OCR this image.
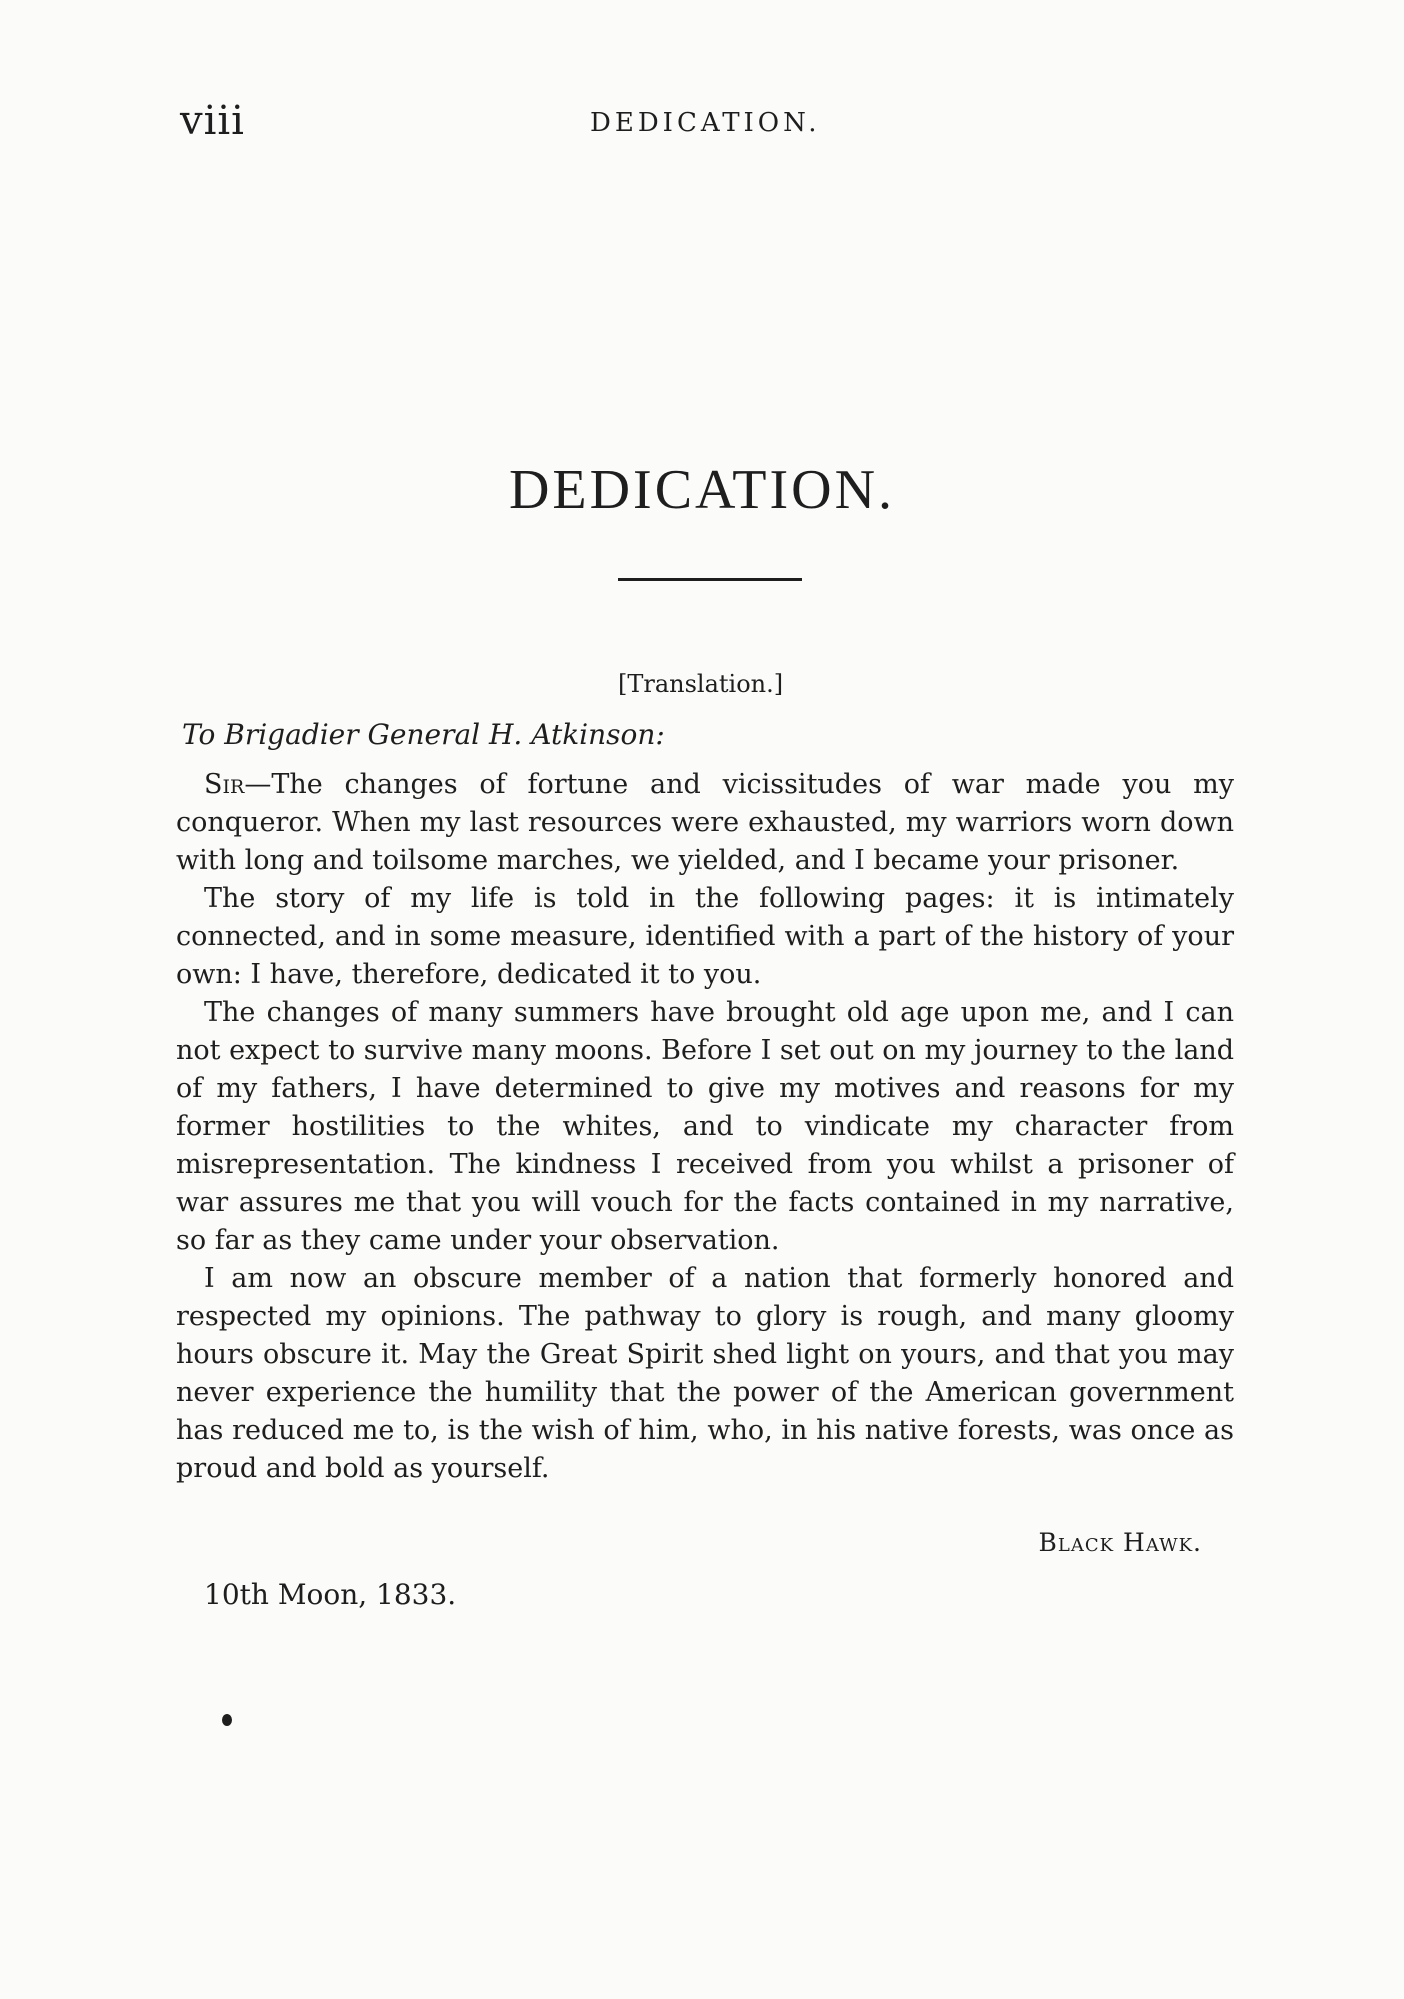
viii	DEDICATION.
DEDICATION.
[Translation.]
To Brigadier General H. Atkinson:

Sir—The changes of fortune and vicissitudes of war made you my conqueror. When my last resources were exhausted, my warriors worn down with long and toilsome marches, we yielded, and I became your prisoner.

The story of my life is told in the following pages: it is intimately connected, and in some measure, identified with a part of the history of your own: I have, therefore, dedicated it to you.

The changes of many summers have brought old age upon me, and I can not expect to survive many moons. Before I set out on my journey to the land of my fathers, I have determined to give my motives and reasons for my former hostilities to the whites, and to vindicate my character from misrepresentation. The kindness I received from you whilst a prisoner of war assures me that you will vouch for the facts contained in my narrative, so far as they came under your observation.

I am now an obscure member of a nation that formerly honored and respected my opinions. The pathway to glory is rough, and many gloomy hours obscure it. May the Great Spirit shed light on yours, and that you may never experience the humility that the power of the American government has reduced me to, is the wish of him, who, in his native forests, was once as proud and bold as yourself.

Black Hawk.
10th Moon, 1833.
